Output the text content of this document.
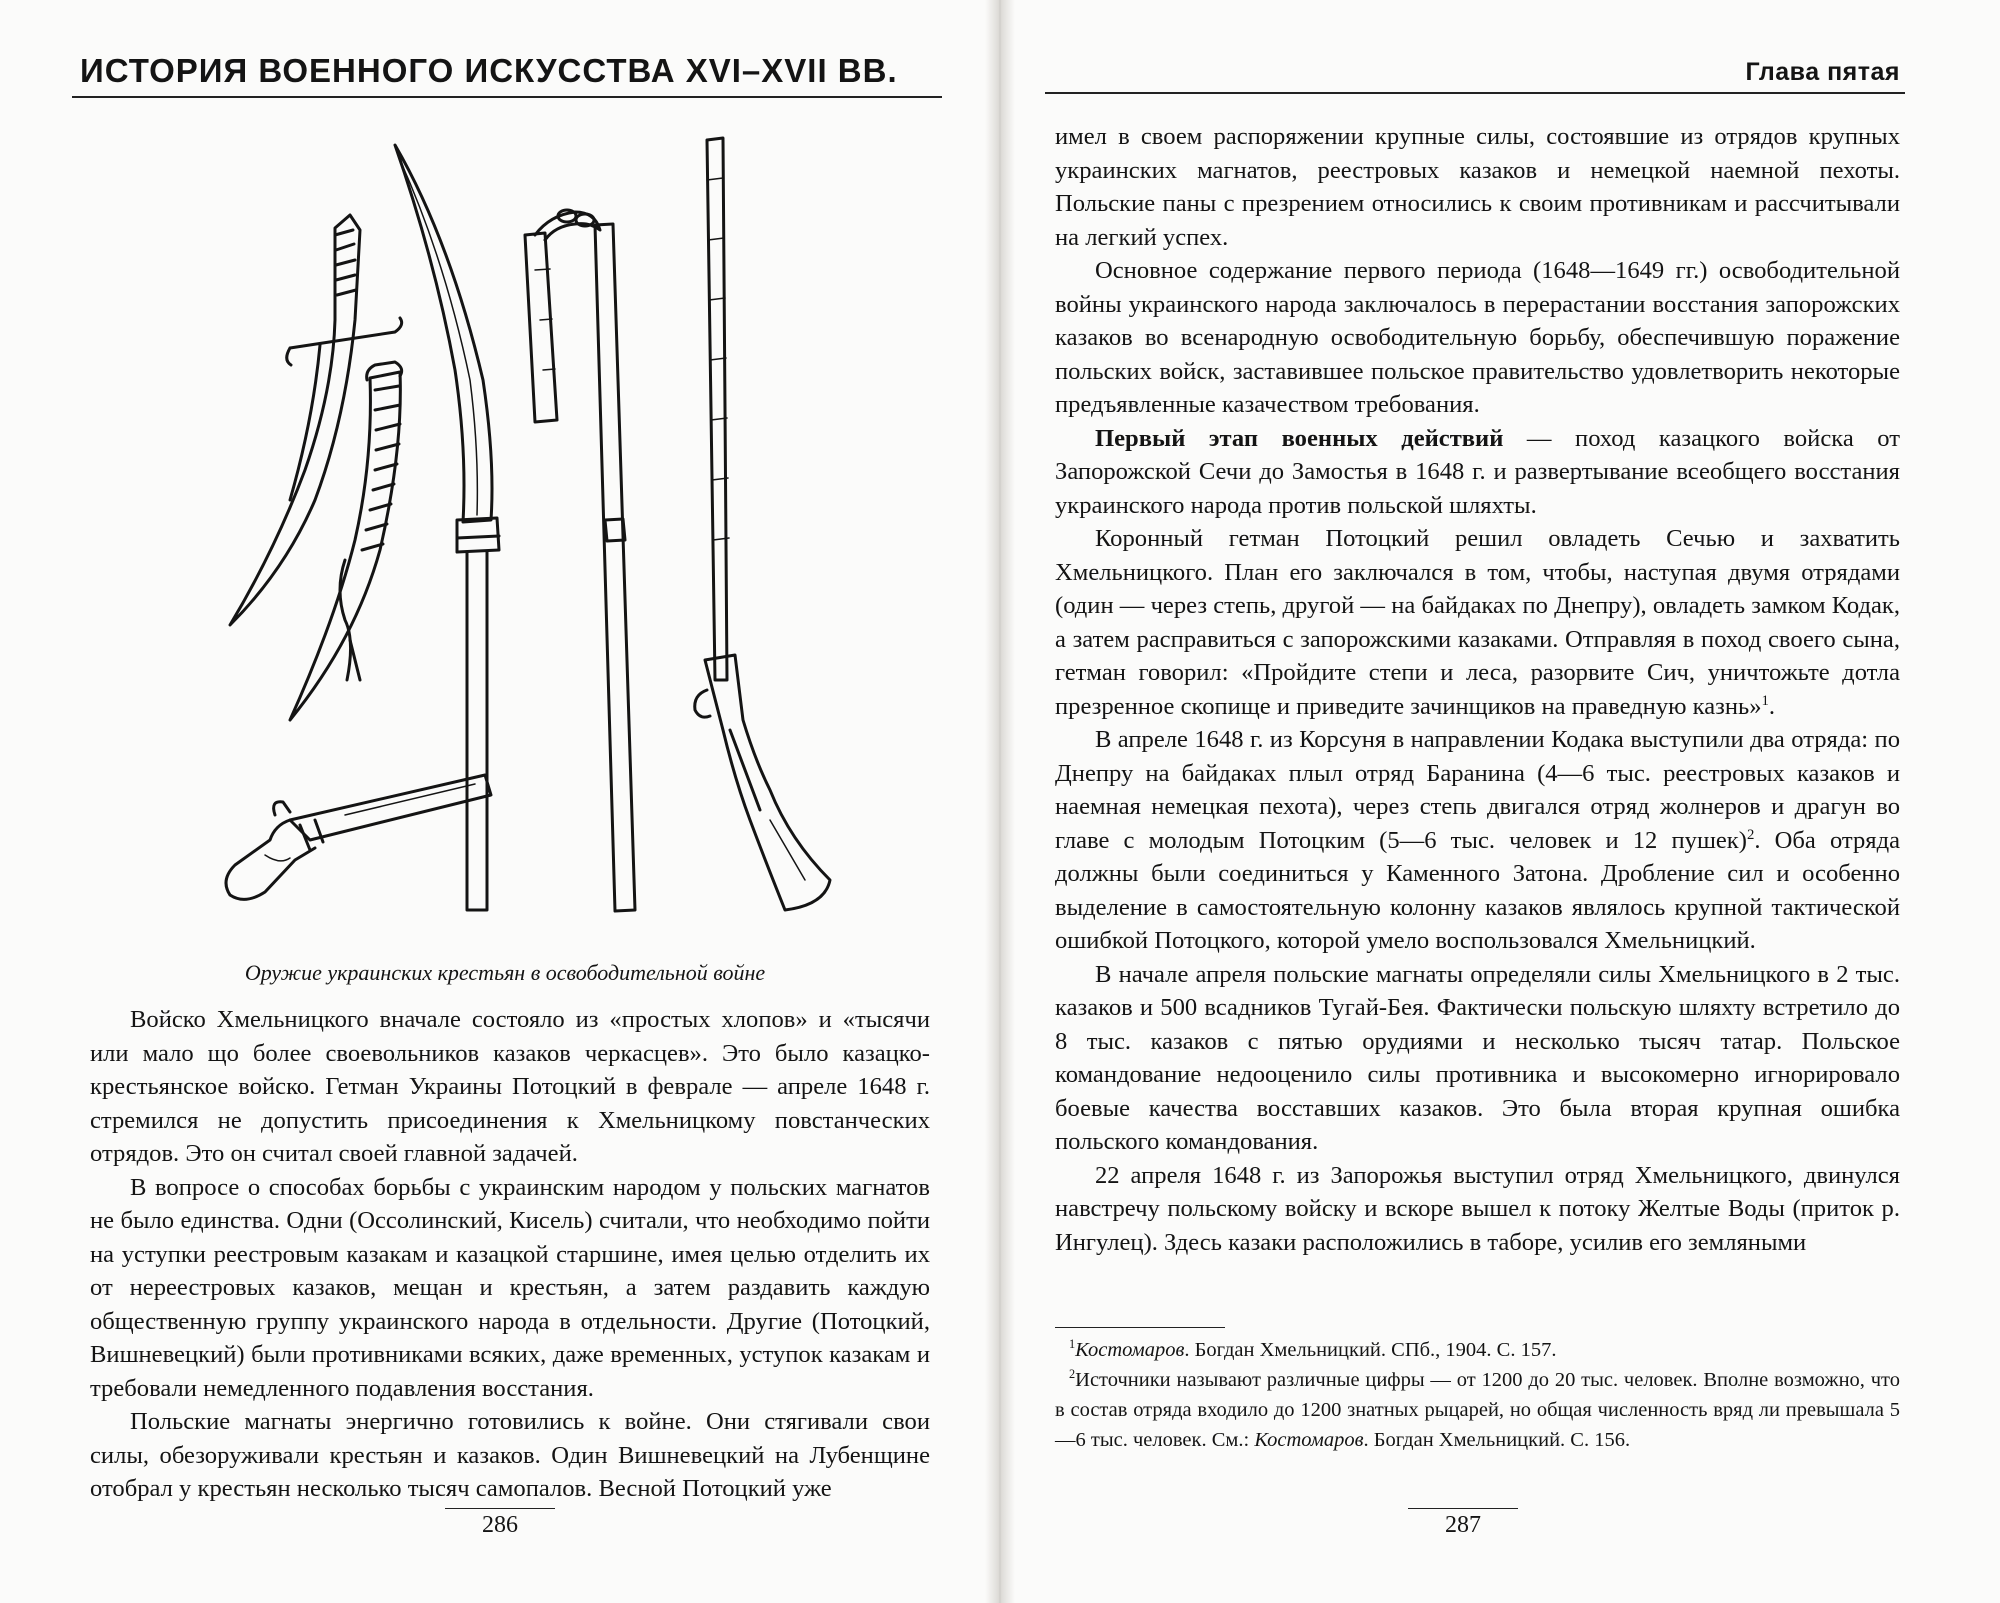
ИСТОРИЯ ВОЕННОГО ИСКУССТВА XVI–XVII ВВ.	Глава пятая
Оружие украинских крестьян в освободительной войне

Войско Хмельницкого вначале состояло из «простых хлопов» и «тысячи или мало що более своевольников казаков черкасцев». Это было казацко-крестьянское войско. Гетман Украины Потоцкий в феврале — апреле 1648 г. стремился не допустить присоединения к Хмельницкому повстанческих отрядов. Это он считал своей главной задачей.

В вопросе о способах борьбы с украинским народом у польских магнатов не было единства. Одни (Оссолинский, Кисель) считали, что необходимо пойти на уступки реестровым казакам и казацкой старшине, имея целью отделить их от нереестровых казаков, мещан и крестьян, а затем раздавить каждую общественную группу украинского народа в отдельности. Другие (Потоцкий, Вишневецкий) были противниками всяких, даже временных, уступок казакам и требовали немедленного подавления восстания.

Польские магнаты энергично готовились к войне. Они стягивали свои силы, обезоруживали крестьян и казаков. Один Вишневецкий на Лубенщине отобрал у крестьян несколько тысяч самопалов. Весной Потоцкий уже

имел в своем распоряжении крупные силы, состоявшие из отрядов крупных украинских магнатов, реестровых казаков и немецкой наемной пехоты. Польские паны с презрением относились к своим противникам и рассчитывали на легкий успех.

Основное содержание первого периода (1648—1649 гг.) освободительной войны украинского народа заключалось в перерастании восстания запорожских казаков во всенародную освободительную борьбу, обеспечившую поражение польских войск, заставившее польское правительство удовлетворить некоторые предъявленные казачеством требования.

Первый этап военных действий — поход казацкого войска от Запорожской Сечи до Замостья в 1648 г. и развертывание всеобщего восстания украинского народа против польской шляхты.

Коронный гетман Потоцкий решил овладеть Сечью и захватить Хмельницкого. План его заключался в том, чтобы, наступая двумя отрядами (один — через степь, другой — на байдаках по Днепру), овладеть замком Кодак, а затем расправиться с запорожскими казаками. Отправляя в поход своего сына, гетман говорил: «Пройдите степи и леса, разорвите Сич, уничтожьте дотла презренное скопище и приведите зачинщиков на праведную казнь»$^1$.

В апреле 1648 г. из Корсуня в направлении Кодака выступили два отряда: по Днепру на байдаках плыл отряд Баранина (4—6 тыс. реестровых казаков и наемная немецкая пехота), через степь двигался отряд жолнеров и драгун во главе с молодым Потоцким (5—6 тыс. человек и 12 пушек)$^2$. Оба отряда должны были соединиться у Каменного Затона. Дробление сил и особенно выделение в самостоятельную колонну казаков являлось крупной тактической ошибкой Потоцкого, которой умело воспользовался Хмельницкий.

В начале апреля польские магнаты определяли силы Хмельницкого в 2 тыс. казаков и 500 всадников Тугай-Бея. Фактически польскую шляхту встретило до 8 тыс. казаков с пятью орудиями и несколько тысяч татар. Польское командование недооценило силы противника и высокомерно игнорировало боевые качества восставших казаков. Это была вторая крупная ошибка польского командования.

22 апреля 1648 г. из Запорожья выступил отряд Хмельницкого, двинулся навстречу польскому войску и вскоре вышел к потоку Желтые Воды (приток р. Ингулец). Здесь казаки расположились в таборе, усилив его земляными

$^1$Костомаров. Богдан Хмельницкий. СПб., 1904. С. 157.

$^2$Источники называют различные цифры — от 1200 до 20 тыс. человек. Вполне возможно, что в состав отряда входило до 1200 знатных рыцарей, но общая численность вряд ли превышала 5—6 тыс. человек. См.: Костомаров. Богдан Хмельницкий. С. 156.

286	287
